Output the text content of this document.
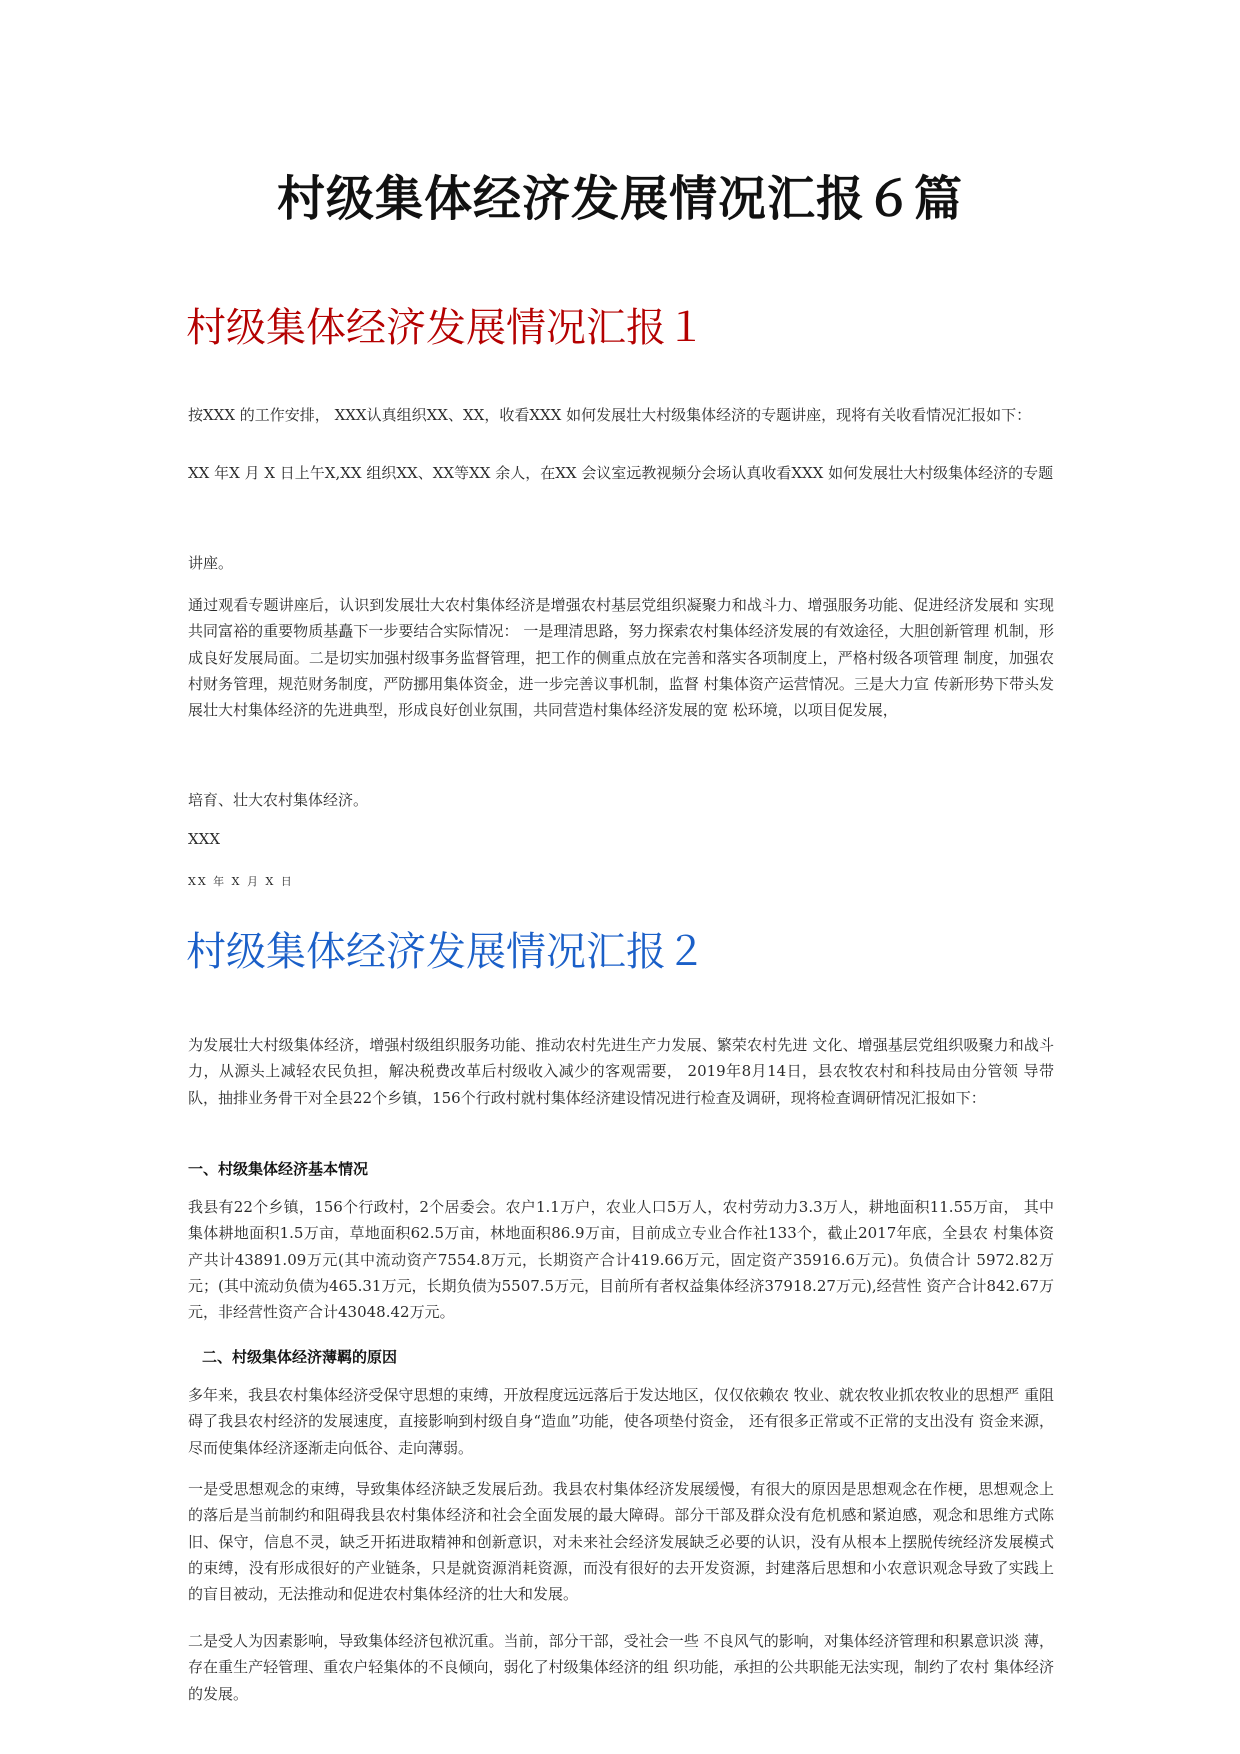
村级集体经济发展情况汇报６篇
村级集体经济发展情况汇报１
按XXX 的工作安排， XXX认真组织XX、XX，收看XXX 如何发展壮大村级集体经济的专题讲座，现将有关收看情况汇报如下：
XX 年X 月 X 日上午X,XX 组织XX、XX等XX 余人，在XX 会议室远教视频分会场认真收看XXX 如何发展壮大村级集体经济的专题
讲座。
通过观看专题讲座后，认识到发展壮大农村集体经济是增强农村基层党组织凝聚力和战斗力、增强服务功能、促进经济发展和 实现共同富裕的重要物质基矗下一步要结合实际情况： 一是理清思路，努力探索农村集体经济发展的有效途径，大胆创新管理 机制，形成良好发展局面。二是切实加强村级事务监督管理，把工作的侧重点放在完善和落实各项制度上，严格村级各项管理 制度，加强农村财务管理，规范财务制度，严防挪用集体资金，进一步完善议事机制，监督 村集体资产运营情况。三是大力宣 传新形势下带头发展壮大村集体经济的先进典型，形成良好创业氛围，共同营造村集体经济发展的宽 松环境，以项目促发展，
培育、壮大农村集体经济。
XXX
XX 年 X 月 X 日
村级集体经济发展情况汇报２
为发展壮大村级集体经济，增强村级组织服务功能、推动农村先进生产力发展、繁荣农村先进 文化、增强基层党组织吸聚力和战斗力，从源头上减轻农民负担，解决税费改革后村级收入减少的客观需要， 2019年8月14日，县农牧农村和科技局由分管领 导带队，抽排业务骨干对全县22个乡镇，156个行政村就村集体经济建设情况进行检查及调研，现将检查调研情况汇报如下：
一、村级集体经济基本情况
我县有22个乡镇，156个行政村，2个居委会。农户1.1万户，农业人口5万人，农村劳动力3.3万人，耕地面积11.55万亩， 其中集体耕地面积1.5万亩，草地面积62.5万亩，林地面积86.9万亩，目前成立专业合作社133个，截止2017年底，全县农 村集体资产共计43891.09万元(其中流动资产7554.8万元，长期资产合计419.66万元，固定资产35916.6万元)。负债合计 5972.82万元；(其中流动负债为465.31万元，长期负债为5507.5万元，目前所有者权益集体经济37918.27万元),经营性 资产合计842.67万元，非经营性资产合计43048.42万元。
二、村级集体经济薄羁的原因
多年来，我县农村集体经济受保守思想的束缚，开放程度远远落后于发达地区，仅仅依赖农 牧业、就农牧业抓农牧业的思想严 重阻碍了我县农村经济的发展速度，直接影响到村级自身“造血”功能，使各项垫付资金， 还有很多正常或不正常的支出没有 资金来源，尽而使集体经济逐渐走向低谷、走向薄弱。
一是受思想观念的束缚，导致集体经济缺乏发展后劲。我县农村集体经济发展缓慢，有很大的原因是思想观念在作梗，思想观念上的落后是当前制约和阻碍我县农村集体经济和社会全面发展的最大障碍。部分干部及群众没有危机感和紧迫感，观念和思维方式陈旧、保守，信息不灵，缺乏开拓进取精神和创新意识，对未来社会经济发展缺乏必要的认识，没有从根本上摆脱传统经济发展模式的束缚，没有形成很好的产业链条，只是就资源消耗资源，而没有很好的去开发资源，封建落后思想和小农意识观念导致了实践上的盲目被动，无法推动和促进农村集体经济的壮大和发展。
二是受人为因素影响，导致集体经济包袱沉重。当前，部分干部，受社会一些 不良风气的影响，对集体经济管理和积累意识淡 薄，存在重生产轻管理、重农户轻集体的不良倾向，弱化了村级集体经济的组 织功能，承担的公共职能无法实现，制约了农村 集体经济的发展。
